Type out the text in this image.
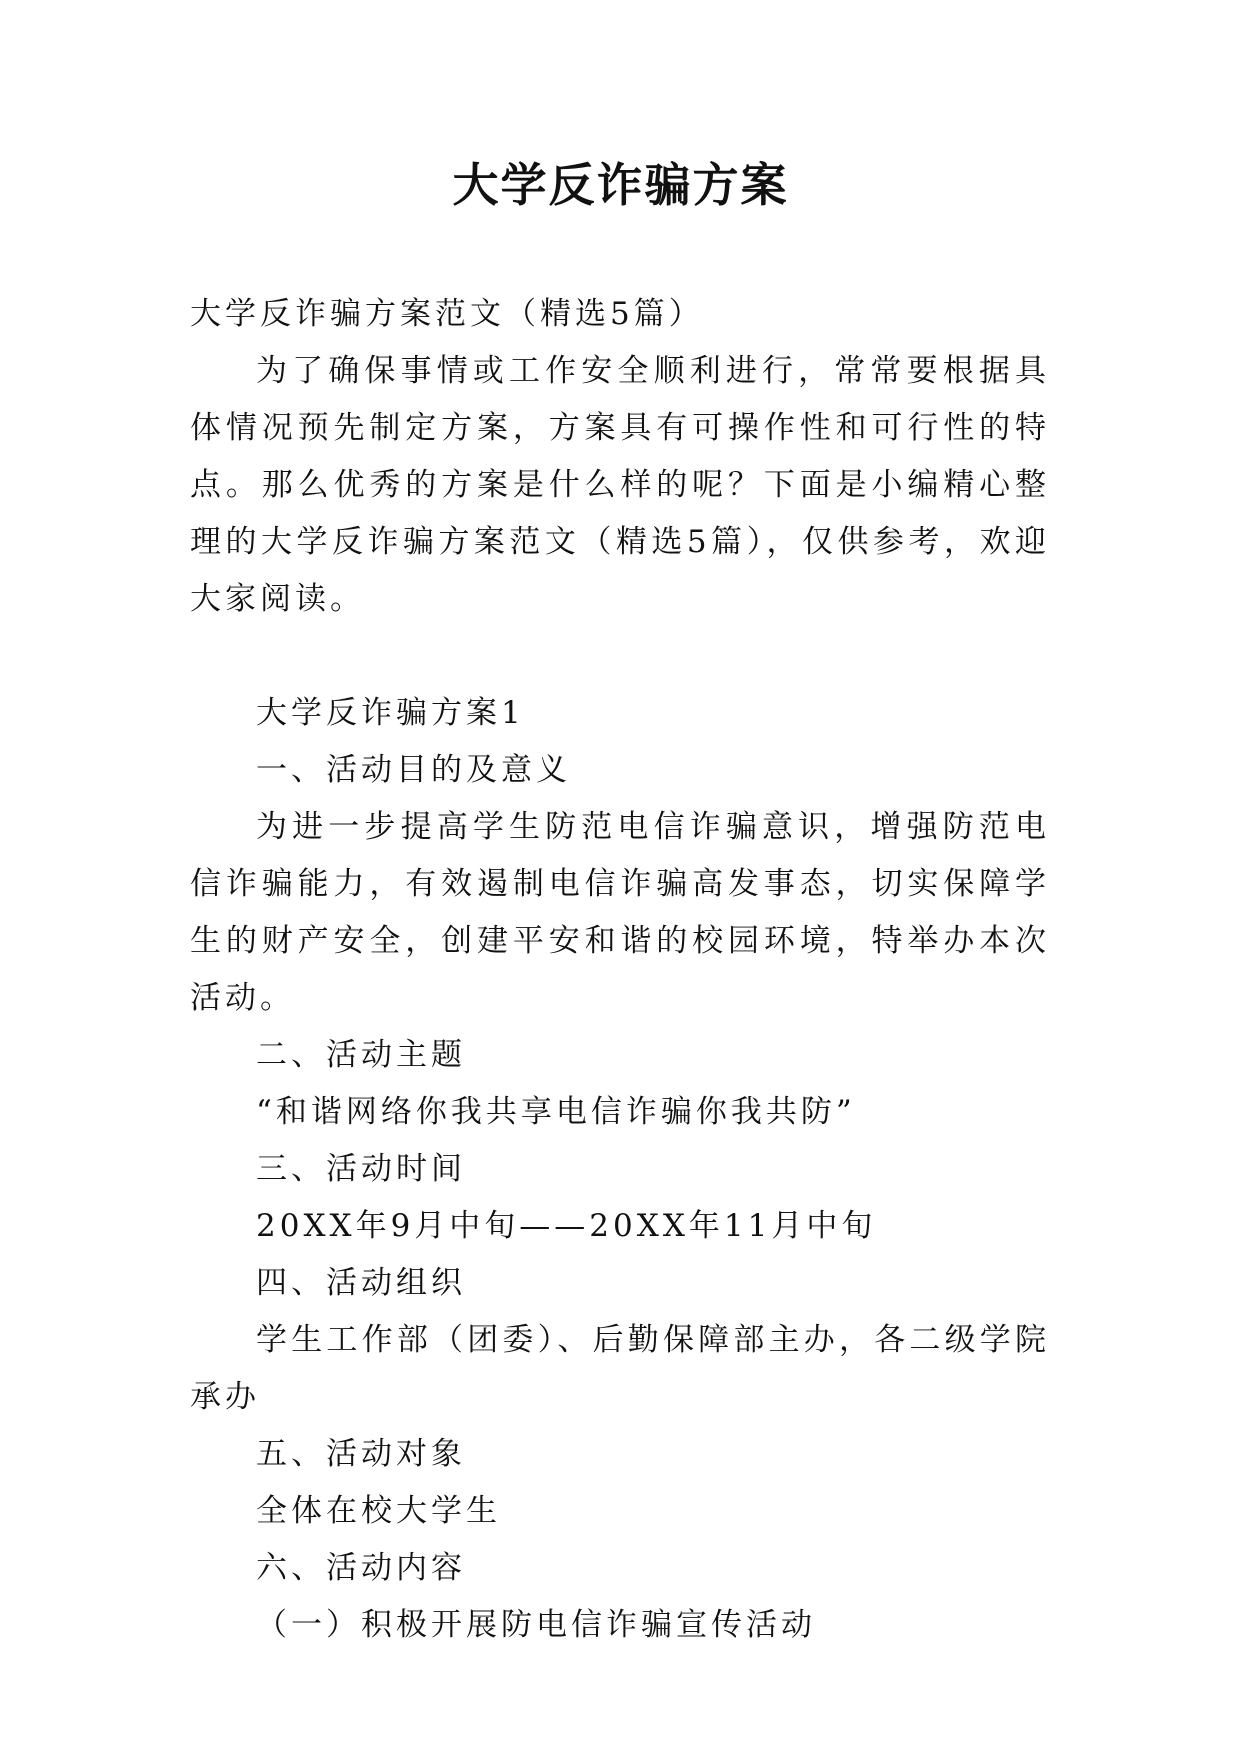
大学反诈骗方案

大学反诈骗方案范文（精选5篇）

为了确保事情或工作安全顺利进行，常常要根据具体情况预先制定方案，方案具有可操作性和可行性的特点。那么优秀的方案是什么样的呢？下面是小编精心整理的大学反诈骗方案范文（精选5篇），仅供参考，欢迎大家阅读。

大学反诈骗方案1

一、活动目的及意义

为进一步提高学生防范电信诈骗意识，增强防范电信诈骗能力，有效遏制电信诈骗高发事态，切实保障学生的财产安全，创建平安和谐的校园环境，特举办本次活动。

二、活动主题

“和谐网络你我共享电信诈骗你我共防”

三、活动时间

20XX年9月中旬——20XX年11月中旬

四、活动组织

学生工作部（团委）、后勤保障部主办，各二级学院承办

五、活动对象

全体在校大学生

六、活动内容

（一）积极开展防电信诈骗宣传活动
